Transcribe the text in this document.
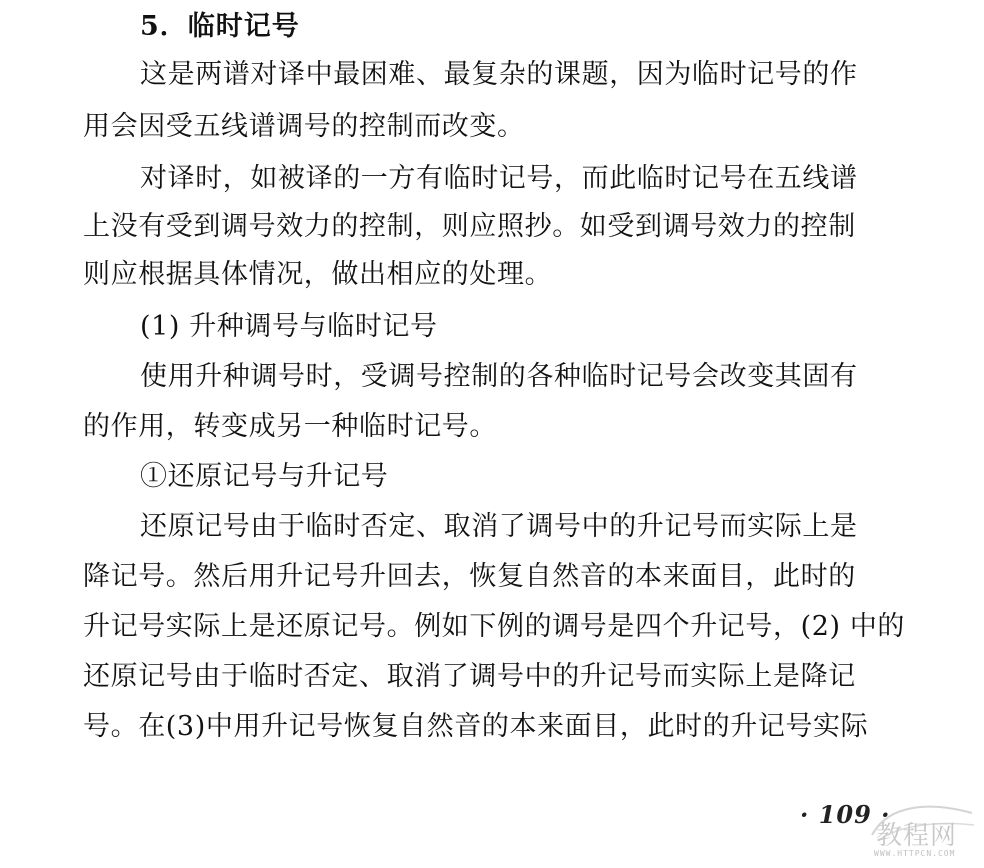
5．临时记号
这是两谱对译中最困难、最复杂的课题，因为临时记号的作
用会因受五线谱调号的控制而改变。
对译时，如被译的一方有临时记号，而此临时记号在五线谱
上没有受到调号效力的控制，则应照抄。如受到调号效力的控制
则应根据具体情况，做出相应的处理。
(1) 升种调号与临时记号
使用升种调号时，受调号控制的各种临时记号会改变其固有
的作用，转变成另一种临时记号。
①还原记号与升记号
还原记号由于临时否定、取消了调号中的升记号而实际上是
降记号。然后用升记号升回去，恢复自然音的本来面目，此时的
升记号实际上是还原记号。例如下例的调号是四个升记号，(2) 中的
还原记号由于临时否定、取消了调号中的升记号而实际上是降记
号。在(3)中用升记号恢复自然音的本来面目，此时的升记号实际
· 109 ·
教程网
WWW.HTTPCN.COM
